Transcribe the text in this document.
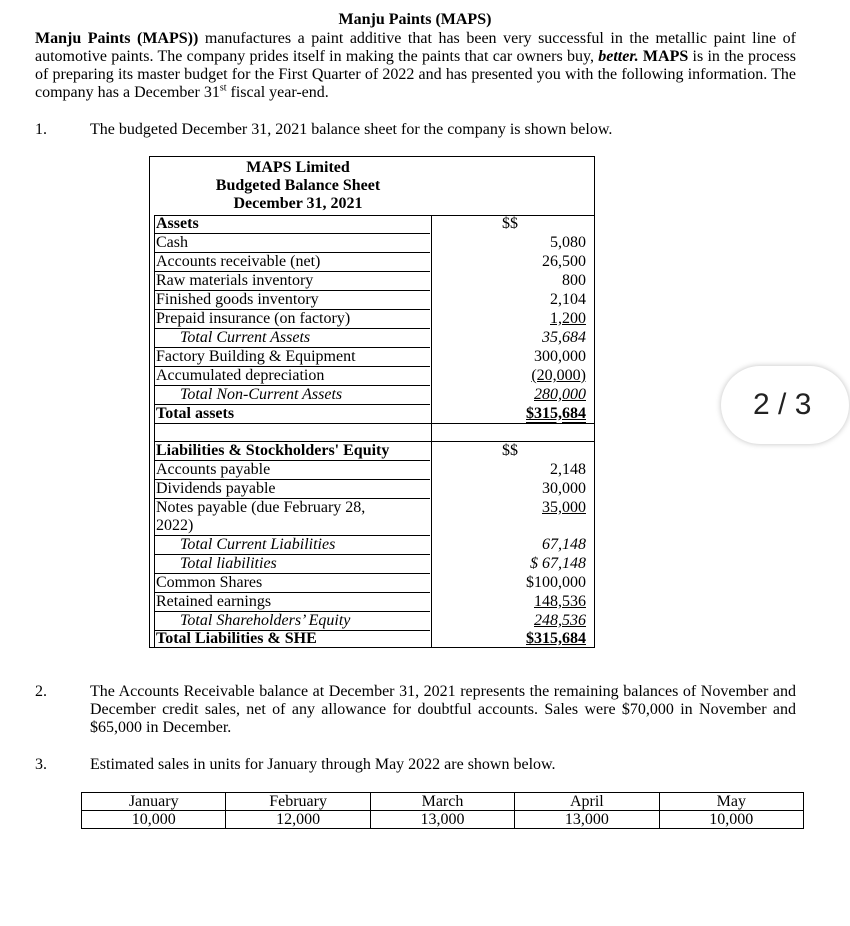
Manju Paints (MAPS)
Manju Paints (MAPS)) manufactures a paint additive that has been very successful in the metallic paint line of automotive paints. The company prides itself in making the paints that car owners buy, better. MAPS is in the process of preparing its master budget for the First Quarter of 2022 and has presented you with the following information. The company has a December 31st fiscal year-end.
1.	The budgeted December 31, 2021 balance sheet for the company is shown below.
MAPS Limited
Budgeted Balance Sheet
December 31, 2021
Assets	$$
Cash	5,080
Accounts receivable (net)	26,500
Raw materials inventory	800
Finished goods inventory	2,104
Prepaid insurance (on factory)	1,200
Total Current Assets	35,684
Factory Building & Equipment	300,000
Accumulated depreciation	(20,000)
Total Non-Current Assets	280,000
Total assets	$315,684
Liabilities & Stockholders' Equity	$$
Accounts payable	2,148
Dividends payable	30,000
Notes payable (due February 28,	35,000
2022)
Total Current Liabilities	67,148
Total liabilities	$ 67,148
Common Shares	$100,000
Retained earnings	148,536
Total Shareholders’ Equity	248,536
Total Liabilities & SHE	$315,684
2 / 3
2.	The Accounts Receivable balance at December 31, 2021 represents the remaining balances of November and December credit sales, net of any allowance for doubtful accounts. Sales were $70,000 in November and $65,000 in December.
3.	Estimated sales in units for January through May 2022 are shown below.
January	February	March	April	May
10,000	12,000	13,000	13,000	10,000
